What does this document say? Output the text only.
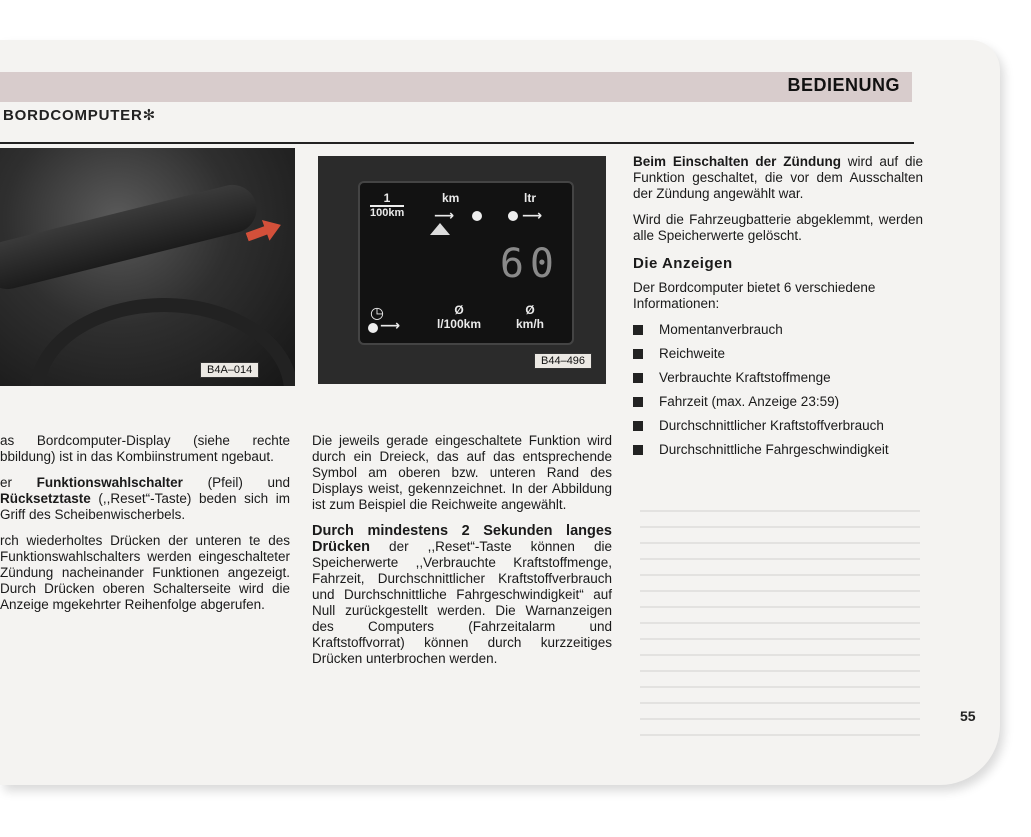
BEDIENUNG
BORDCOMPUTER✻
B4A–014
$\frac{1}{100km}$	km
⟶
ltr
⟶
60
◷
⟶
Ø
l/100km
Ø
km/h
B44–496

as Bordcomputer-Display (siehe rechte bbildung) ist in das Kombiinstrument ngebaut.

er Funktionswahlschalter (Pfeil) und Rücksetztaste (,,Reset“-Taste) beden sich im Griff des Scheibenwischerbels.

rch wiederholtes Drücken der unteren te des Funktionswahlschalters werden eingeschalteter Zündung nacheinander Funktionen angezeigt. Durch Drücken oberen Schalterseite wird die Anzeige mgekehrter Reihenfolge abgerufen.

Die jeweils gerade eingeschaltete Funktion wird durch ein Dreieck, das auf das entsprechende Symbol am oberen bzw. unteren Rand des Displays weist, gekennzeichnet. In der Abbildung ist zum Beispiel die Reichweite angewählt.

Durch mindestens 2 Sekunden langes Drücken der ,,Reset“-Taste können die Speicherwerte ,,Verbrauchte Kraftstoffmenge, Fahrzeit, Durchschnittlicher Kraftstoffverbrauch und Durchschnittliche Fahrgeschwindigkeit“ auf Null zurückgestellt werden. Die Warnanzeigen des Computers (Fahrzeitalarm und Kraftstoffvorrat) können durch kurzzeitiges Drücken unterbrochen werden.

Beim Einschalten der Zündung wird auf die Funktion geschaltet, die vor dem Ausschalten der Zündung angewählt war.

Wird die Fahrzeugbatterie abgeklemmt, werden alle Speicherwerte gelöscht.

Die Anzeigen

Der Bordcomputer bietet 6 verschiedene Informationen:

Momentanverbrauch
Reichweite
Verbrauchte Kraftstoffmenge
Fahrzeit (max. Anzeige 23:59)
Durchschnittlicher Kraftstoffverbrauch
Durchschnittliche Fahrgeschwindigkeit
55
